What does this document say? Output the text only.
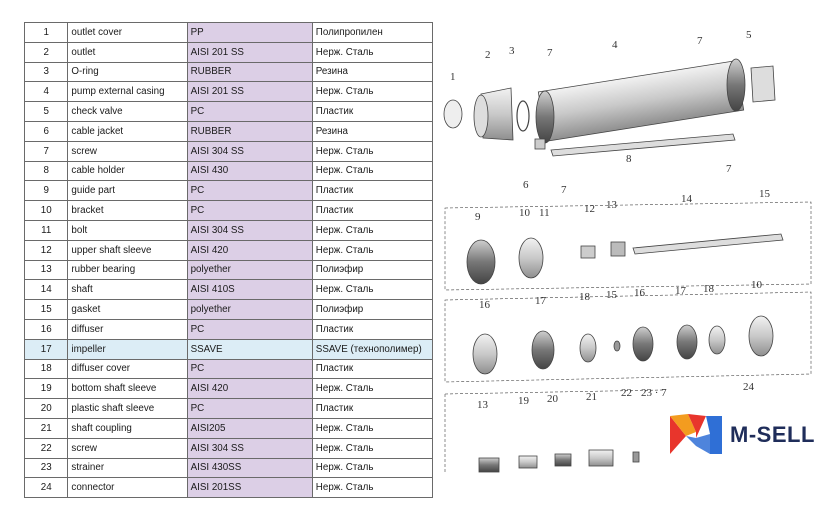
1	outlet cover	PP	Полипропилен
2	outlet	AISI 201 SS	Нерж. Сталь
3	O-ring	RUBBER	Резина
4	pump external casing	AISI 201 SS	Нерж. Сталь
5	check valve	PC	Пластик
6	cable jacket	RUBBER	Резина
7	screw	AISI 304 SS	Нерж. Сталь
8	cable holder	AISI 430	Нерж. Сталь
9	guide part	PC	Пластик
10	bracket	PC	Пластик
11	bolt	AISI 304 SS	Нерж. Сталь
12	upper shaft sleeve	AISI 420	Нерж. Сталь
13	rubber bearing	polyether	Полиэфир
14	shaft	AISI 410S	Нерж. Сталь
15	gasket	polyether	Полиэфир
16	diffuser	PC	Пластик
17	impeller	SSAVE	SSAVE (технополимер)
18	diffuser cover	PC	Пластик
19	bottom shaft sleeve	AISI 420	Нерж. Сталь
20	plastic shaft sleeve	PC	Пластик
21	shaft coupling	AISI205	Нерж. Сталь
22	screw	AISI 304 SS	Нерж. Сталь
23	strainer	AISI 430SS	Нерж. Сталь
24	connector	AISI 201SS	Нерж. Сталь
1
2 3	7
4	7	5
8
6	7
7
9	10 11	12 13	14	15
16	17	18 15 16	17 18	10
13	19 20	21 22 23 · 7	24
M-SELL
